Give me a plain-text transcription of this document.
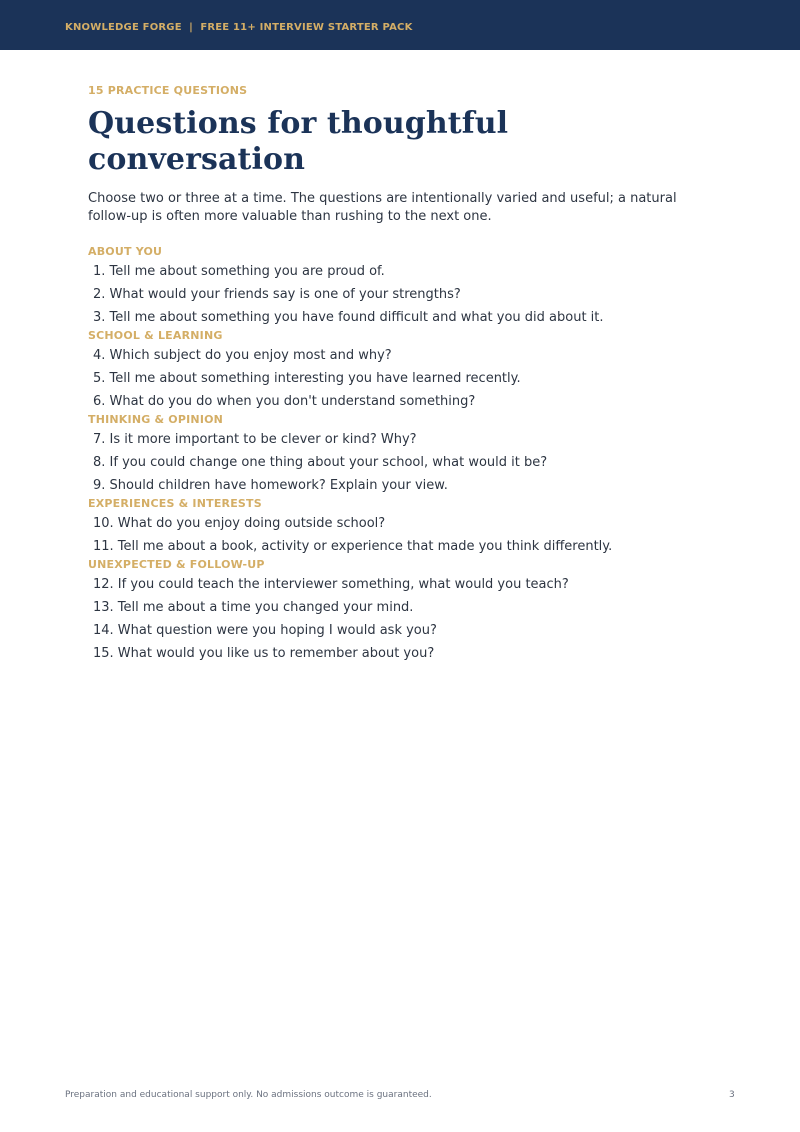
KNOWLEDGE FORGE  |  FREE 11+ INTERVIEW STARTER PACK
15 PRACTICE QUESTIONS
Questions for thoughtful conversation

Choose two or three at a time. The questions are intentionally varied and useful; a natural follow-up is often more valuable than rushing to the next one.

ABOUT YOU
1. Tell me about something you are proud of.
2. What would your friends say is one of your strengths?
3. Tell me about something you have found difficult and what you did about it.
SCHOOL & LEARNING
4. Which subject do you enjoy most and why?
5. Tell me about something interesting you have learned recently.
6. What do you do when you don't understand something?
THINKING & OPINION
7. Is it more important to be clever or kind? Why?
8. If you could change one thing about your school, what would it be?
9. Should children have homework? Explain your view.
EXPERIENCES & INTERESTS
10. What do you enjoy doing outside school?
11. Tell me about a book, activity or experience that made you think differently.
UNEXPECTED & FOLLOW-UP
12. If you could teach the interviewer something, what would you teach?
13. Tell me about a time you changed your mind.
14. What question were you hoping I would ask you?
15. What would you like us to remember about you?
Preparation and educational support only. No admissions outcome is guaranteed.	3
